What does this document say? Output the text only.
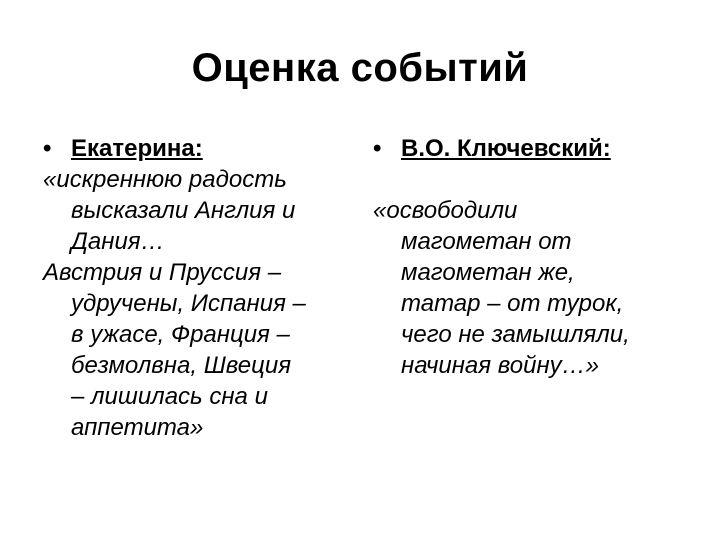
Оценка событий
• Екатерина:
«искреннюю радость
высказали Англия и
Дания…
Австрия и Пруссия –
удручены, Испания –
в ужасе, Франция –
безмолвна, Швеция
– лишилась сна и
аппетита»
• В.О. Ключевский:
«освободили
магометан от
магометан же,
татар – от турок,
чего не замышляли,
начиная войну…»
